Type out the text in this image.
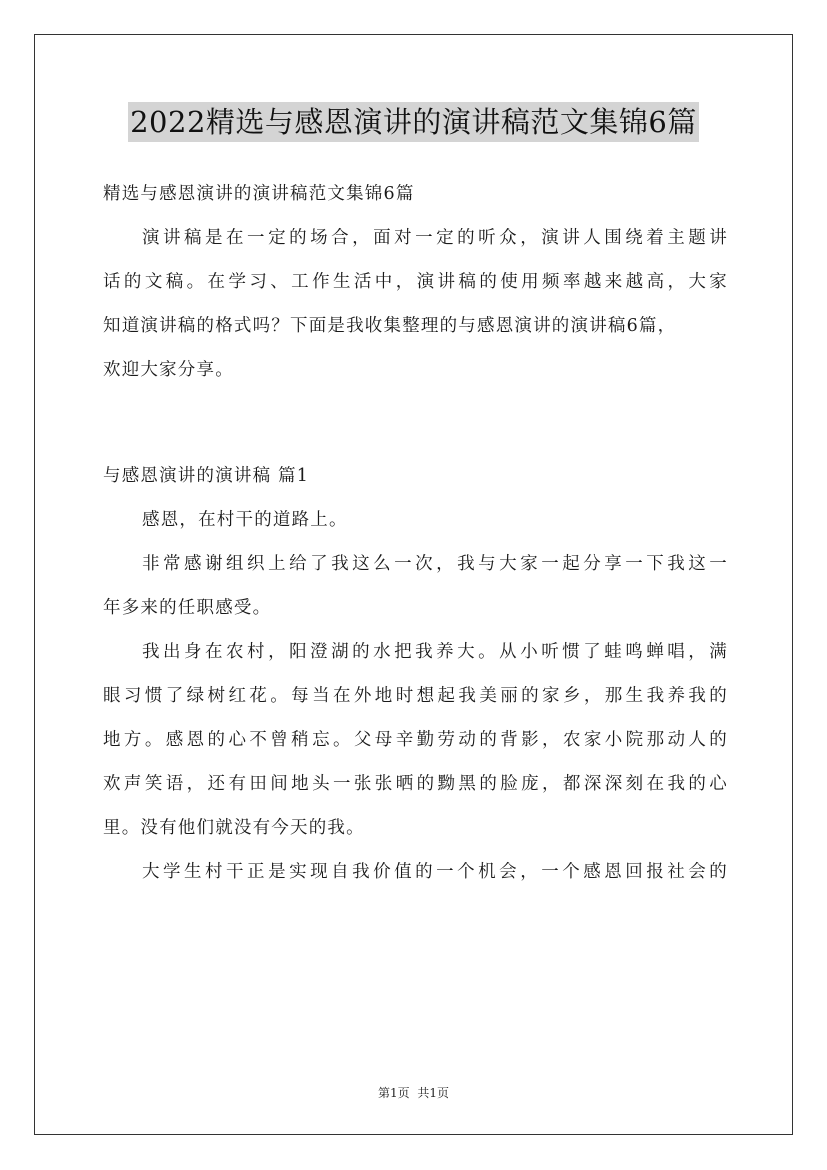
2022精选与感恩演讲的演讲稿范文集锦6篇
精选与感恩演讲的演讲稿范文集锦6篇
演讲稿是在一定的场合，面对一定的听众，演讲人围绕着主题讲
话的文稿。在学习、工作生活中，演讲稿的使用频率越来越高，大家
知道演讲稿的格式吗？下面是我收集整理的与感恩演讲的演讲稿6篇，
欢迎大家分享。
与感恩演讲的演讲稿 篇1
感恩，在村干的道路上。
非常感谢组织上给了我这么一次，我与大家一起分享一下我这一
年多来的任职感受。
我出身在农村，阳澄湖的水把我养大。从小听惯了蛙鸣蝉唱，满
眼习惯了绿树红花。每当在外地时想起我美丽的家乡，那生我养我的
地方。感恩的心不曾稍忘。父母辛勤劳动的背影，农家小院那动人的
欢声笑语，还有田间地头一张张晒的黝黑的脸庞，都深深刻在我的心
里。没有他们就没有今天的我。
大学生村干正是实现自我价值的一个机会，一个感恩回报社会的
第1页 共1页
